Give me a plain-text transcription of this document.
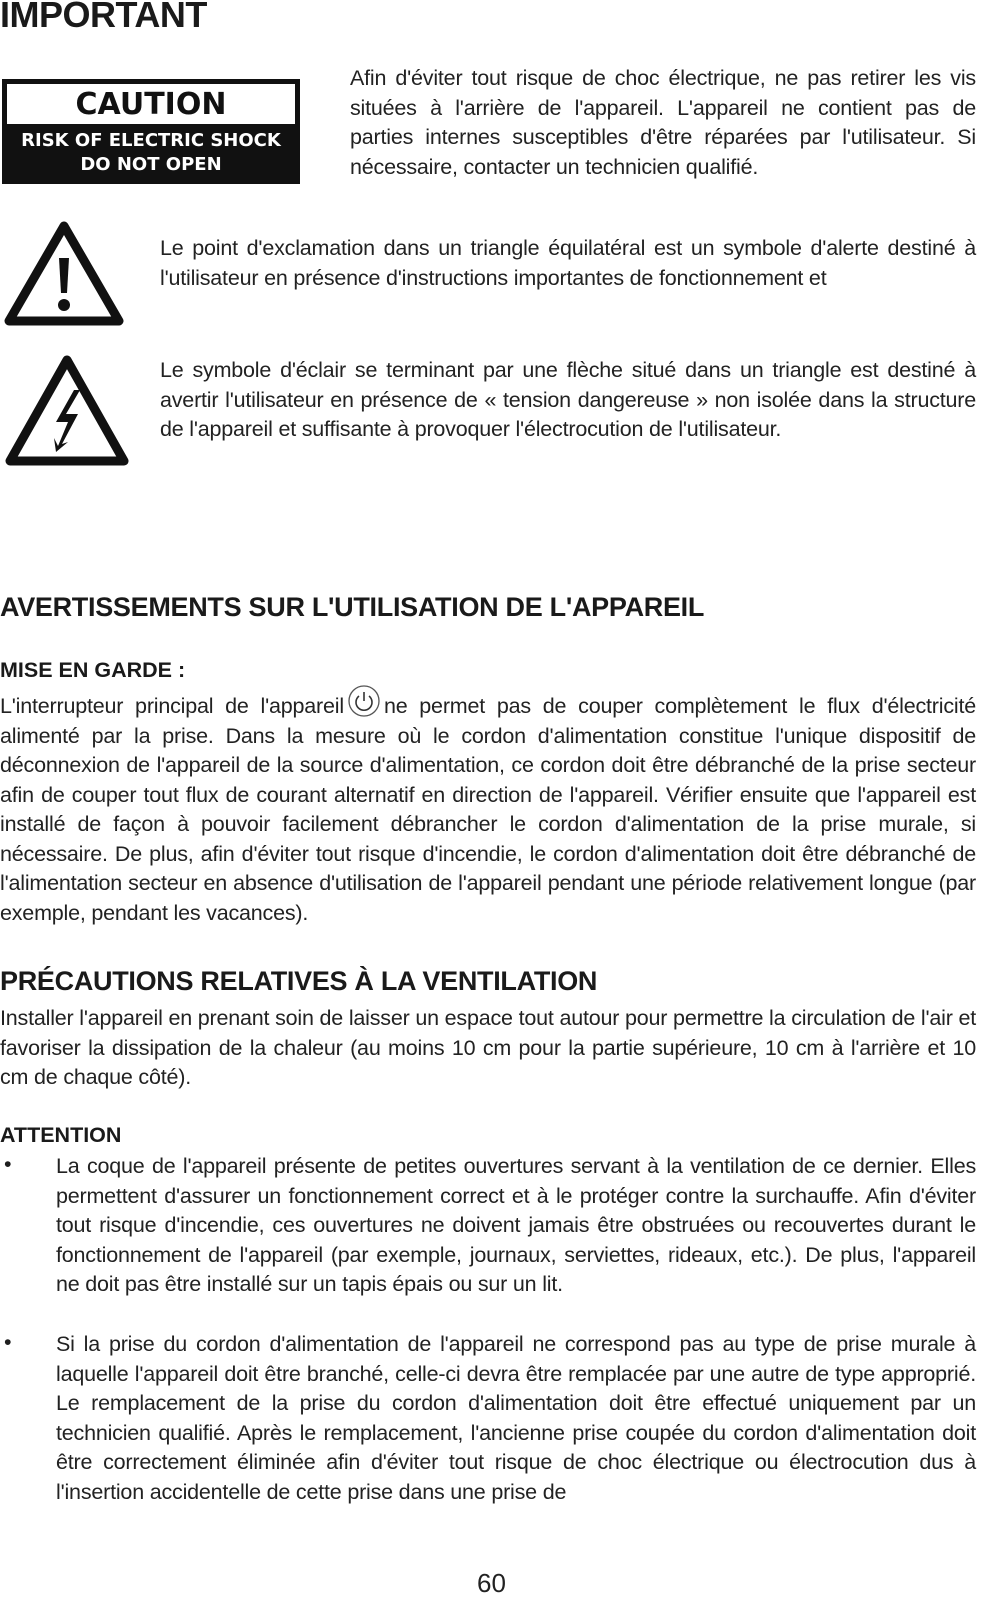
IMPORTANT
CAUTION
RISK OF ELECTRIC SHOCK
DO NOT OPEN
Afin d'éviter tout risque de choc électrique, ne pas retirer les vis situées à l'arrière de l'appareil. L'appareil ne contient pas de parties internes susceptibles d'être réparées par l'utilisateur. Si nécessaire, contacter un technicien qualifié.
Le point d'exclamation dans un triangle équilatéral est un symbole d'alerte destiné à l'utilisateur en présence d'instructions importantes de fonctionnement et
Le symbole d'éclair se terminant par une flèche situé dans un triangle est destiné à avertir l'utilisateur en présence de « tension dangereuse » non isolée dans la structure de l'appareil et suffisante à provoquer l'électrocution de l'utilisateur.
AVERTISSEMENTS SUR L'UTILISATION DE L'APPAREIL
MISE EN GARDE :
L'interrupteur principal de l'appareil ne permet pas de couper complètement le flux d'électricité alimenté par la prise. Dans la mesure où le cordon d'alimentation constitue l'unique dispositif de déconnexion de l'appareil de la source d'alimentation, ce cordon doit être débranché de la prise secteur afin de couper tout flux de courant alternatif en direction de l'appareil. Vérifier ensuite que l'appareil est installé de façon à pouvoir facilement débrancher le cordon d'alimentation de la prise murale, si nécessaire. De plus, afin d'éviter tout risque d'incendie, le cordon d'alimentation doit être débranché de l'alimentation secteur en absence d'utilisation de l'appareil pendant une période relativement longue (par exemple, pendant les vacances).
PRÉCAUTIONS RELATIVES À LA VENTILATION
Installer l'appareil en prenant soin de laisser un espace tout autour pour permettre la circulation de l'air et favoriser la dissipation de la chaleur (au moins 10 cm pour la partie supérieure, 10 cm à l'arrière et 10 cm de chaque côté).
ATTENTION
• La coque de l'appareil présente de petites ouvertures servant à la ventilation de ce dernier. Elles permettent d'assurer un fonctionnement correct et à le protéger contre la surchauffe. Afin d'éviter tout risque d'incendie, ces ouvertures ne doivent jamais être obstruées ou recouvertes durant le fonctionnement de l'appareil (par exemple, journaux, serviettes, rideaux, etc.). De plus, l'appareil ne doit pas être installé sur un tapis épais ou sur un lit.
• Si la prise du cordon d'alimentation de l'appareil ne correspond pas au type de prise murale à laquelle l'appareil doit être branché, celle-ci devra être remplacée par une autre de type approprié. Le remplacement de la prise du cordon d'alimentation doit être effectué uniquement par un technicien qualifié. Après le remplacement, l'ancienne prise coupée du cordon d'alimentation doit être correctement éliminée afin d'éviter tout risque de choc électrique ou électrocution dus à l'insertion accidentelle de cette prise dans une prise de
60
